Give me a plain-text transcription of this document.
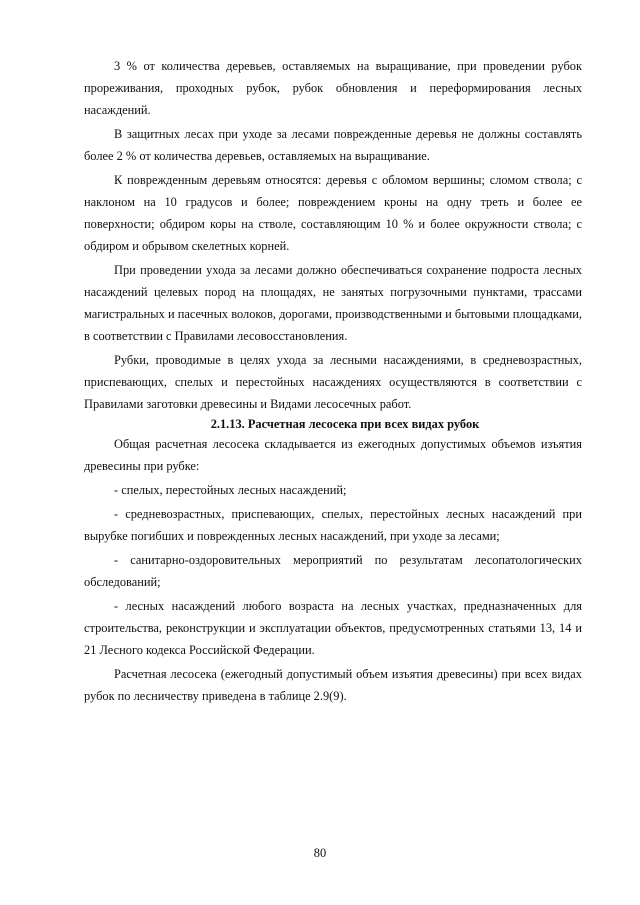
3 % от количества деревьев, оставляемых на выращивание, при проведении рубок прореживания, проходных рубок, рубок обновления и переформирования лесных насаждений.

В защитных лесах при уходе за лесами поврежденные деревья не должны составлять более 2 % от количества деревьев, оставляемых на выращивание.

К поврежденным деревьям относятся: деревья с обломом вершины; сломом ствола; с наклоном на 10 градусов и более; повреждением кроны на одну треть и более ее поверхности; обдиром коры на стволе, составляющим 10 % и более окружности ствола; с обдиром и обрывом скелетных корней.

При проведении ухода за лесами должно обеспечиваться сохранение подроста лесных насаждений целевых пород на площадях, не занятых погрузочными пунктами, трассами магистральных и пасечных волоков, дорогами, производственными и бытовыми площадками, в соответствии с Правилами лесовосстановления.

Рубки, проводимые в целях ухода за лесными насаждениями, в средневозрастных, приспевающих, спелых и перестойных насаждениях осуществляются в соответствии с Правилами заготовки древесины и Видами лесосечных работ.

2.1.13. Расчетная лесосека при всех видах рубок

Общая расчетная лесосека складывается из ежегодных допустимых объемов изъятия древесины при рубке:

- спелых, перестойных лесных насаждений;

- средневозрастных, приспевающих, спелых, перестойных лесных насаждений при вырубке погибших и поврежденных лесных насаждений, при уходе за лесами;

- санитарно-оздоровительных мероприятий по результатам лесопатологических обследований;

- лесных насаждений любого возраста на лесных участках, предназначенных для строительства, реконструкции и эксплуатации объектов, предусмотренных статьями 13, 14 и 21 Лесного кодекса Российской Федерации.

Расчетная лесосека (ежегодный допустимый объем изъятия древесины) при всех видах рубок по лесничеству приведена в таблице 2.9(9).

80
